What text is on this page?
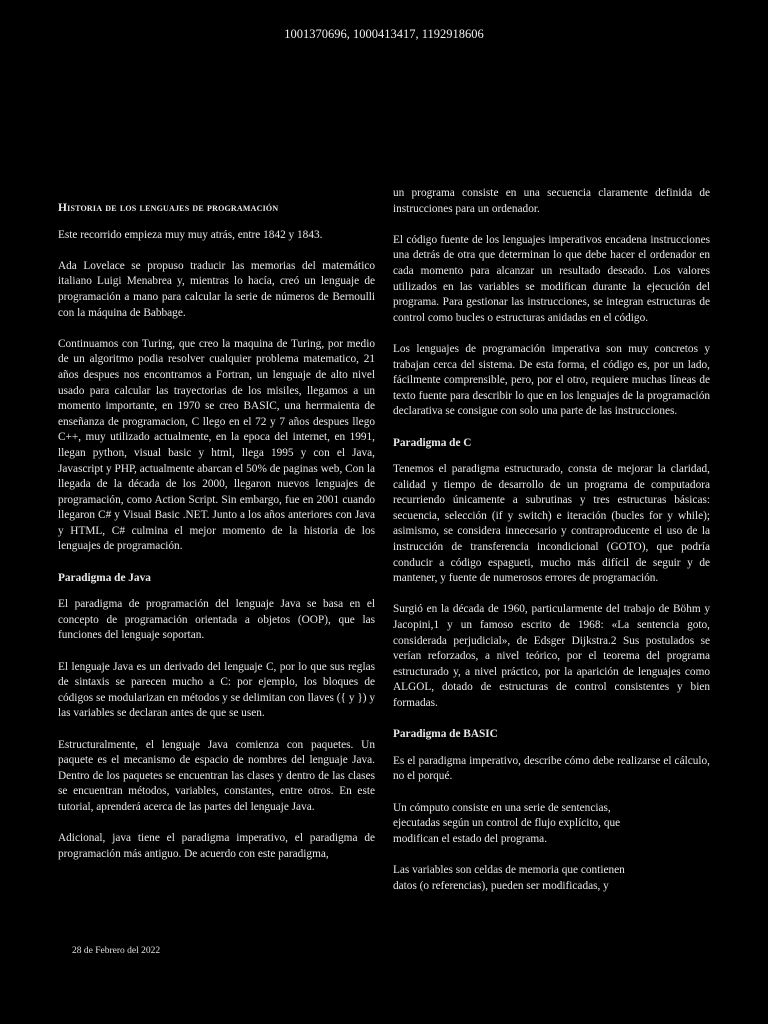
1001370696, 1000413417, 1192918606
Historia de los lenguajes de programación

Este recorrido empieza muy muy atrás, entre 1842 y 1843.

Ada Lovelace se propuso traducir las memorias del matemático italiano Luigi Menabrea y, mientras lo hacía, creó un lenguaje de programación a mano para calcular la serie de números de Bernoulli con la máquina de Babbage.

Continuamos con Turing, que creo la maquina de Turing, por medio de un algoritmo podia resolver cualquier problema matematico, 21 años despues nos encontramos a Fortran, un lenguaje de alto nivel usado para calcular las trayectorias de los misiles, llegamos a un momento importante, en 1970 se creo BASIC, una herrmaienta de enseñanza de programacion, C llego en el 72 y 7 años despues llego C++, muy utilizado actualmente, en la epoca del internet, en 1991, llegan python, visual basic y html, llega 1995 y con el Java, Javascript y PHP, actualmente abarcan el 50% de paginas web, Con la llegada de la década de los 2000, llegaron nuevos lenguajes de programación, como Action Script. Sin embargo, fue en 2001 cuando llegaron C# y Visual Basic .NET. Junto a los años anteriores con Java y HTML, C# culmina el mejor momento de la historia de los lenguajes de programación.

Paradigma de Java

El paradigma de programación del lenguaje Java se basa en el concepto de programación orientada a objetos (OOP), que las funciones del lenguaje soportan.

El lenguaje Java es un derivado del lenguaje C, por lo que sus reglas de sintaxis se parecen mucho a C: por ejemplo, los bloques de códigos se modularizan en métodos y se delimitan con llaves ({ y }) y las variables se declaran antes de que se usen.

Estructuralmente, el lenguaje Java comienza con paquetes. Un paquete es el mecanismo de espacio de nombres del lenguaje Java. Dentro de los paquetes se encuentran las clases y dentro de las clases se encuentran métodos, variables, constantes, entre otros. En este tutorial, aprenderá acerca de las partes del lenguaje Java.

Adicional, java tiene el paradigma imperativo, el paradigma de programación más antiguo. De acuerdo con este paradigma,

un programa consiste en una secuencia claramente definida de instrucciones para un ordenador.

El código fuente de los lenguajes imperativos encadena instrucciones una detrás de otra que determinan lo que debe hacer el ordenador en cada momento para alcanzar un resultado deseado. Los valores utilizados en las variables se modifican durante la ejecución del programa. Para gestionar las instrucciones, se integran estructuras de control como bucles o estructuras anidadas en el código.

Los lenguajes de programación imperativa son muy concretos y trabajan cerca del sistema. De esta forma, el código es, por un lado, fácilmente comprensible, pero, por el otro, requiere muchas líneas de texto fuente para describir lo que en los lenguajes de la programación declarativa se consigue con solo una parte de las instrucciones.

Paradigma de C

Tenemos el paradigma estructurado, consta de mejorar la claridad, calidad y tiempo de desarrollo de un programa de computadora recurriendo únicamente a subrutinas y tres estructuras básicas: secuencia, selección (if y switch) e iteración (bucles for y while); asimismo, se considera innecesario y contraproducente el uso de la instrucción de transferencia incondicional (GOTO), que podría conducir a código espagueti, mucho más difícil de seguir y de mantener, y fuente de numerosos errores de programación.

Surgió en la década de 1960, particularmente del trabajo de Böhm y Jacopini,1 y un famoso escrito de 1968: «La sentencia goto, considerada perjudicial», de Edsger Dijkstra.2 Sus postulados se verían reforzados, a nivel teórico, por el teorema del programa estructurado y, a nivel práctico, por la aparición de lenguajes como ALGOL, dotado de estructuras de control consistentes y bien formadas.

Paradigma de BASIC

Es el paradigma imperativo, describe cómo debe realizarse el cálculo, no el porqué.

Un cómputo consiste en una serie de sentencias,
ejecutadas según un control de flujo explícito, que
modifican el estado del programa.

Las variables son celdas de memoria que contienen
datos (o referencias), pueden ser modificadas, y

28 de Febrero del 2022
